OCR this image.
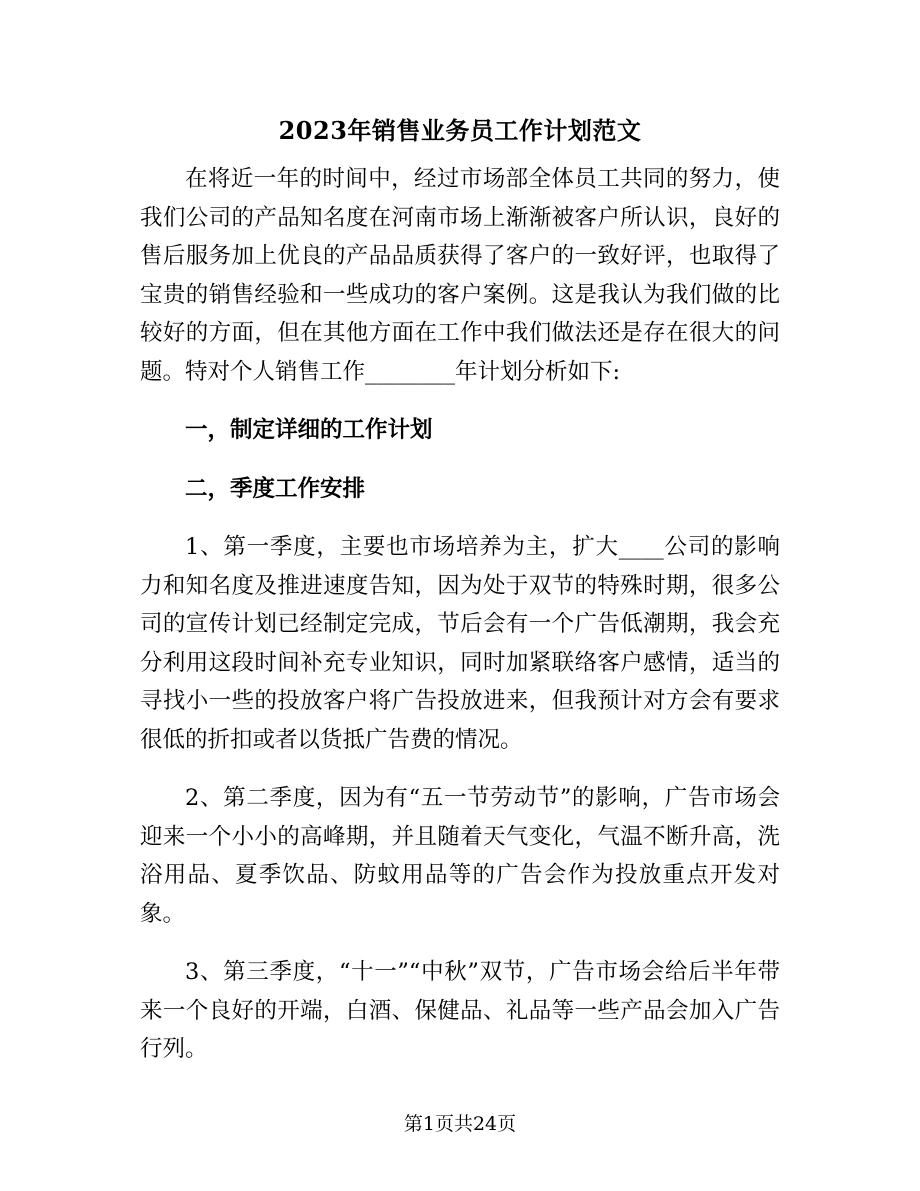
2023年销售业务员工作计划范文

在将近一年的时间中，经过市场部全体员工共同的努力，使我们公司的产品知名度在河南市场上渐渐被客户所认识，良好的售后服务加上优良的产品品质获得了客户的一致好评，也取得了宝贵的销售经验和一些成功的客户案例。这是我认为我们做的比较好的方面，但在其他方面在工作中我们做法还是存在很大的问题。特对个人销售工作________年计划分析如下:

一，制定详细的工作计划

二，季度工作安排

1、第一季度，主要也市场培养为主，扩大____公司的影响力和知名度及推进速度告知，因为处于双节的特殊时期，很多公司的宣传计划已经制定完成，节后会有一个广告低潮期，我会充分利用这段时间补充专业知识，同时加紧联络客户感情，适当的寻找小一些的投放客户将广告投放进来，但我预计对方会有要求很低的折扣或者以货抵广告费的情况。

2、第二季度，因为有“五一节劳动节”的影响，广告市场会迎来一个小小的高峰期，并且随着天气变化，气温不断升高，洗浴用品、夏季饮品、防蚊用品等的广告会作为投放重点开发对象。

3、第三季度，“十一”“中秋”双节，广告市场会给后半年带来一个良好的开端，白酒、保健品、礼品等一些产品会加入广告行列。

第1页共24页
